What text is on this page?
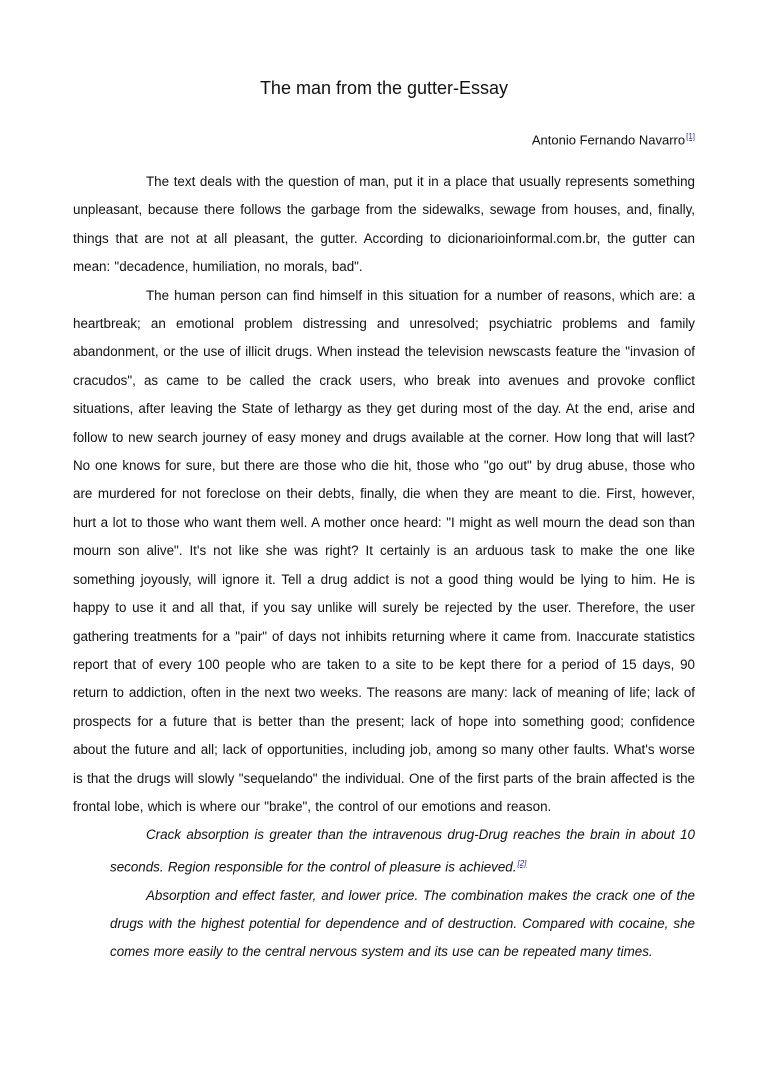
The man from the gutter-Essay
Antonio Fernando Navarro[1]

The text deals with the question of man, put it in a place that usually represents something unpleasant, because there follows the garbage from the sidewalks, sewage from houses, and, finally, things that are not at all pleasant, the gutter. According to dicionarioinformal.com.br, the gutter can mean: "decadence, humiliation, no morals, bad".

The human person can find himself in this situation for a number of reasons, which are: a heartbreak; an emotional problem distressing and unresolved; psychiatric problems and family abandonment, or the use of illicit drugs. When instead the television newscasts feature the "invasion of cracudos", as came to be called the crack users, who break into avenues and provoke conflict situations, after leaving the State of lethargy as they get during most of the day. At the end, arise and follow to new search journey of easy money and drugs available at the corner. How long that will last? No one knows for sure, but there are those who die hit, those who "go out" by drug abuse, those who are murdered for not foreclose on their debts, finally, die when they are meant to die. First, however, hurt a lot to those who want them well. A mother once heard: "I might as well mourn the dead son than mourn son alive". It's not like she was right? It certainly is an arduous task to make the one like something joyously, will ignore it. Tell a drug addict is not a good thing would be lying to him. He is happy to use it and all that, if you say unlike will surely be rejected by the user. Therefore, the user gathering treatments for a "pair" of days not inhibits returning where it came from. Inaccurate statistics report that of every 100 people who are taken to a site to be kept there for a period of 15 days, 90 return to addiction, often in the next two weeks. The reasons are many: lack of meaning of life; lack of prospects for a future that is better than the present; lack of hope into something good; confidence about the future and all; lack of opportunities, including job, among so many other faults. What's worse is that the drugs will slowly "sequelando" the individual. One of the first parts of the brain affected is the frontal lobe, which is where our "brake", the control of our emotions and reason.

Crack absorption is greater than the intravenous drug-Drug reaches the brain in about 10 seconds. Region responsible for the control of pleasure is achieved.[2]

Absorption and effect faster, and lower price. The combination makes the crack one of the drugs with the highest potential for dependence and of destruction. Compared with cocaine, she comes more easily to the central nervous system and its use can be repeated many times.
